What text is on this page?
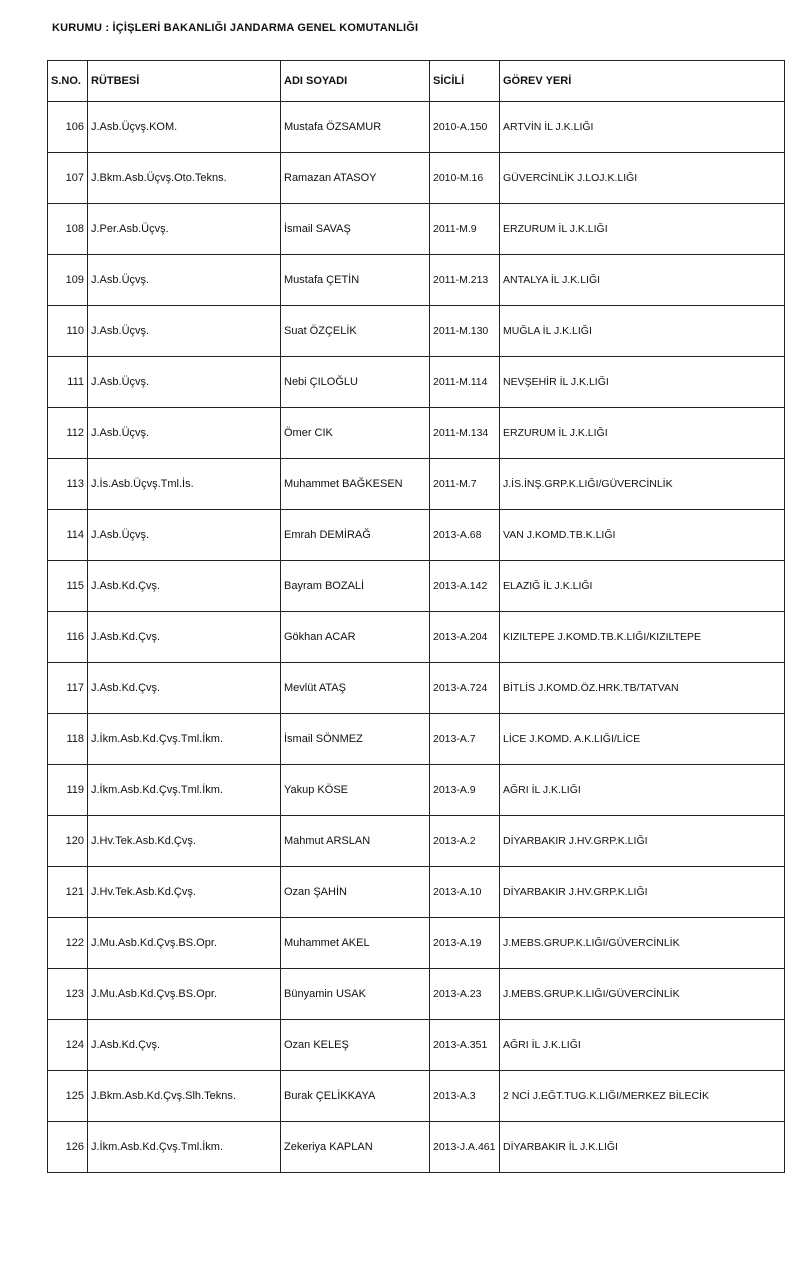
KURUMU : İÇİŞLERİ BAKANLIĞI JANDARMA GENEL KOMUTANLIĞI
S.NO.	RÜTBESİ	ADI SOYADI	SİCİLİ	GÖREV YERİ
106	J.Asb.Üçvş.KOM.	Mustafa ÖZSAMUR	2010-A.150	ARTVİN İL J.K.LIĞI
107	J.Bkm.Asb.Üçvş.Oto.Tekns.	Ramazan ATASOY	2010-M.16	GÜVERCİNLİK J.LOJ.K.LIĞI
108	J.Per.Asb.Üçvş.	İsmail SAVAŞ	2011-M.9	ERZURUM İL J.K.LIĞI
109	J.Asb.Üçvş.	Mustafa ÇETİN	2011-M.213	ANTALYA İL J.K.LIĞI
110	J.Asb.Üçvş.	Suat ÖZÇELİK	2011-M.130	MUĞLA İL J.K.LIĞI
111	J.Asb.Üçvş.	Nebi ÇILOĞLU	2011-M.114	NEVŞEHİR İL J.K.LIĞI
112	J.Asb.Üçvş.	Ömer CIK	2011-M.134	ERZURUM İL J.K.LIĞI
113	J.İs.Asb.Üçvş.Tml.İs.	Muhammet BAĞKESEN	2011-M.7	J.İS.İNŞ.GRP.K.LIĞI/GÜVERCİNLİK
114	J.Asb.Üçvş.	Emrah DEMİRAĞ	2013-A.68	VAN J.KOMD.TB.K.LIĞI
115	J.Asb.Kd.Çvş.	Bayram BOZALİ	2013-A.142	ELAZIĞ İL J.K.LIĞI
116	J.Asb.Kd.Çvş.	Gökhan ACAR	2013-A.204	KIZILTEPE J.KOMD.TB.K.LIĞI/KIZILTEPE
117	J.Asb.Kd.Çvş.	Mevlüt ATAŞ	2013-A.724	BİTLİS J.KOMD.ÖZ.HRK.TB/TATVAN
118	J.İkm.Asb.Kd.Çvş.Tml.İkm.	İsmail SÖNMEZ	2013-A.7	LİCE J.KOMD. A.K.LIĞI/LİCE
119	J.İkm.Asb.Kd.Çvş.Tml.İkm.	Yakup KÖSE	2013-A.9	AĞRI İL J.K.LIĞI
120	J.Hv.Tek.Asb.Kd.Çvş.	Mahmut ARSLAN	2013-A.2	DİYARBAKIR J.HV.GRP.K.LIĞI
121	J.Hv.Tek.Asb.Kd.Çvş.	Ozan ŞAHİN	2013-A.10	DİYARBAKIR J.HV.GRP.K.LIĞI
122	J.Mu.Asb.Kd.Çvş.BS.Opr.	Muhammet AKEL	2013-A.19	J.MEBS.GRUP.K.LIĞI/GÜVERCİNLİK
123	J.Mu.Asb.Kd.Çvş.BS.Opr.	Bünyamin USAK	2013-A.23	J.MEBS.GRUP.K.LIĞI/GÜVERCİNLİK
124	J.Asb.Kd.Çvş.	Ozan KELEŞ	2013-A.351	AĞRI İL J.K.LIĞI
125	J.Bkm.Asb.Kd.Çvş.Slh.Tekns.	Burak ÇELİKKAYA	2013-A.3	2 NCİ J.EĞT.TUG.K.LIĞI/MERKEZ BİLECİK
126	J.İkm.Asb.Kd.Çvş.Tml.İkm.	Zekeriya KAPLAN	2013-J.A.461	DİYARBAKIR İL J.K.LIĞI
